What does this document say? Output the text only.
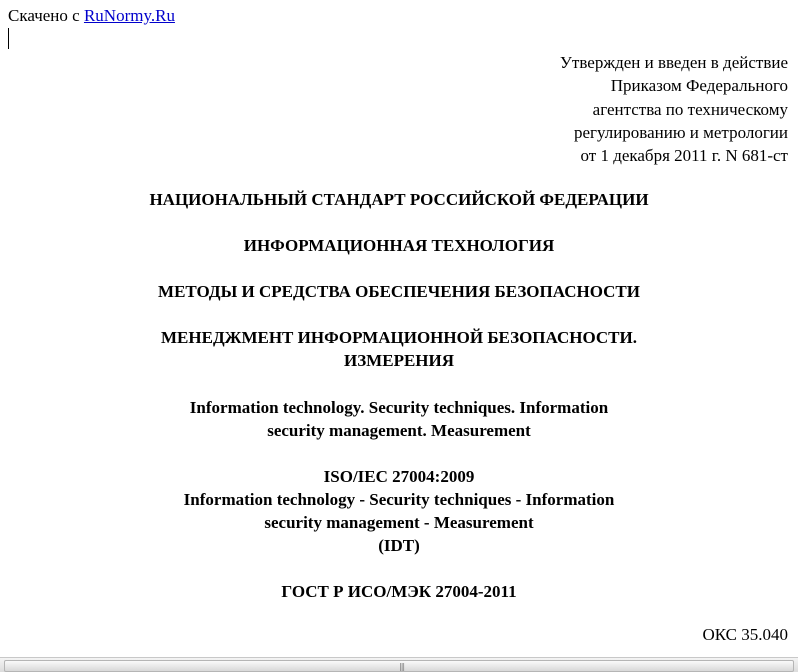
Скачено с RuNormy.Ru
Утвержден и введен в действие
Приказом Федерального
агентства по техническому
регулированию и метрологии
от 1 декабря 2011 г. N 681-ст
НАЦИОНАЛЬНЫЙ СТАНДАРТ РОССИЙСКОЙ ФЕДЕРАЦИИ
ИНФОРМАЦИОННАЯ ТЕХНОЛОГИЯ
МЕТОДЫ И СРЕДСТВА ОБЕСПЕЧЕНИЯ БЕЗОПАСНОСТИ
МЕНЕДЖМЕНТ ИНФОРМАЦИОННОЙ БЕЗОПАСНОСТИ.
ИЗМЕРЕНИЯ
Information technology. Security techniques. Information
security management. Measurement
ISO/IEC 27004:2009
Information technology - Security techniques - Information
security management - Measurement
(IDT)
ГОСТ Р ИСО/МЭК 27004-2011
ОКС 35.040
|||
